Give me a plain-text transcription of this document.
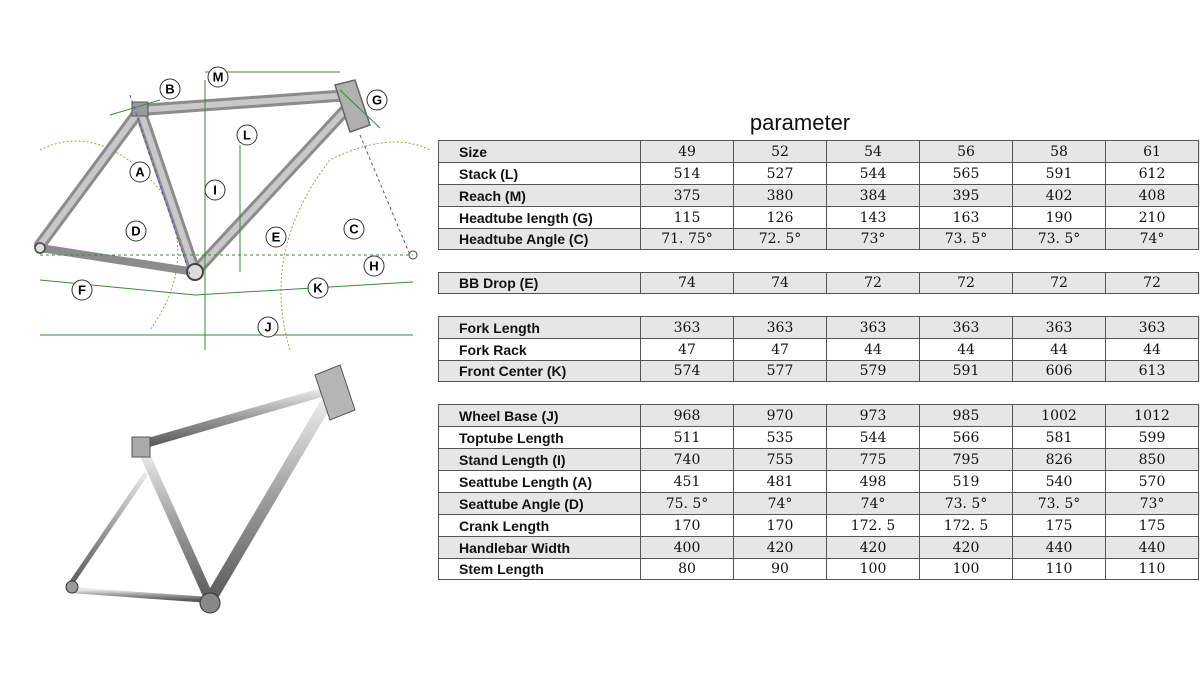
A
B
M
G
L
I
D	E
C
H
F	K
J
parameter
Size	49	52	54	56	58	61
Stack (L)	514	527	544	565	591	612
Reach (M)	375	380	384	395	402	408
Headtube length (G)	115	126	143	163	190	210
Headtube Angle (C)	71. 75°	72. 5°	73°	73. 5°	73. 5°	74°
BB Drop (E)	74	74	72	72	72	72
Fork Length	363	363	363	363	363	363
Fork Rack	47	47	44	44	44	44
Front Center (K)	574	577	579	591	606	613
Wheel Base (J)	968	970	973	985	1002	1012
Toptube Length	511	535	544	566	581	599
Stand Length (I)	740	755	775	795	826	850
Seattube Length (A)	451	481	498	519	540	570
Seattube Angle (D)	75. 5°	74°	74°	73. 5°	73. 5°	73°
Crank Length	170	170	172. 5	172. 5	175	175
Handlebar Width	400	420	420	420	440	440
Stem Length	80	90	100	100	110	110
